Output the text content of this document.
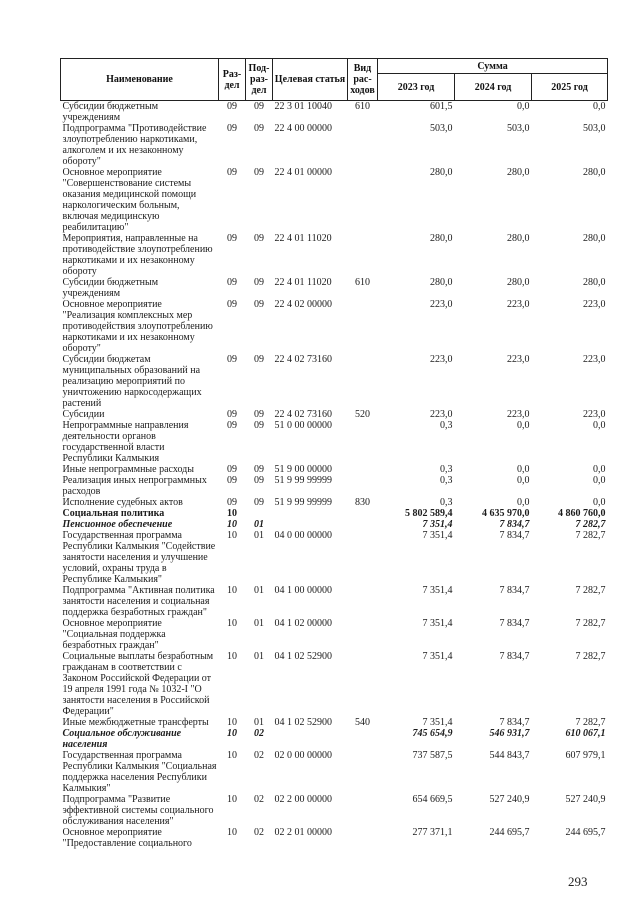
Наименование	Раз-дел	Под-раз-дел	Целевая статья	Вид рас-ходов	Сумма		
					2023 год	2024 год	2025 год
Субсидии бюджетным учреждениям	09	09	22 3 01 10040	610	601,5	0,0	0,0
Подпрограмма "Противодействие злоупотреблению наркотиками, алкоголем и их незаконному обороту"	09	09	22 4 00 00000		503,0	503,0	503,0
Основное мероприятие "Совершенствование системы оказания медицинской помощи наркологическим больным, включая медицинскую реабилитацию"	09	09	22 4 01 00000		280,0	280,0	280,0
Мероприятия, направленные на противодействие злоупотреблению наркотиками и их незаконному обороту	09	09	22 4 01 11020		280,0	280,0	280,0
Субсидии бюджетным учреждениям	09	09	22 4 01 11020	610	280,0	280,0	280,0
Основное мероприятие "Реализация комплексных мер противодействия злоупотреблению наркотиками и их незаконному обороту"	09	09	22 4 02 00000		223,0	223,0	223,0
Субсидии бюджетам муниципальных образований на реализацию мероприятий по уничтожению наркосодержащих растений	09	09	22 4 02 73160		223,0	223,0	223,0
Субсидии	09	09	22 4 02 73160	520	223,0	223,0	223,0
Непрограммные направления деятельности органов государственной власти Республики Калмыкия	09	09	51 0 00 00000		0,3	0,0	0,0
Иные непрограммные расходы	09	09	51 9 00 00000		0,3	0,0	0,0
Реализация иных непрограммных расходов	09	09	51 9 99 99999		0,3	0,0	0,0
Исполнение судебных актов	09	09	51 9 99 99999	830	0,3	0,0	0,0
Социальная политика	10				5 802 589,4	4 635 970,0	4 860 760,0
Пенсионное обеспечение	10	01			7 351,4	7 834,7	7 282,7
Государственная программа Республики Калмыкия "Содействие занятости населения и улучшение условий, охраны труда в Республике Калмыкия"	10	01	04 0 00 00000		7 351,4	7 834,7	7 282,7
Подпрограмма "Активная политика занятости населения и социальная поддержка безработных граждан"	10	01	04 1 00 00000		7 351,4	7 834,7	7 282,7
Основное мероприятие "Социальная поддержка безработных граждан"	10	01	04 1 02 00000		7 351,4	7 834,7	7 282,7
Социальные выплаты безработным гражданам в соответствии с Законом Российской Федерации от 19 апреля 1991 года № 1032-I "О занятости населения в Российской Федерации"	10	01	04 1 02 52900		7 351,4	7 834,7	7 282,7
Иные межбюджетные трансферты	10	01	04 1 02 52900	540	7 351,4	7 834,7	7 282,7
Социальное обслуживание населения	10	02			745 654,9	546 931,7	610 067,1
Государственная программа Республики Калмыкия "Социальная поддержка населения Республики Калмыкия"	10	02	02 0 00 00000		737 587,5	544 843,7	607 979,1
Подпрограмма "Развитие эффективной системы социального обслуживания населения"	10	02	02 2 00 00000		654 669,5	527 240,9	527 240,9
Основное мероприятие "Предоставление социального	10	02	02 2 01 00000		277 371,1	244 695,7	244 695,7
293
